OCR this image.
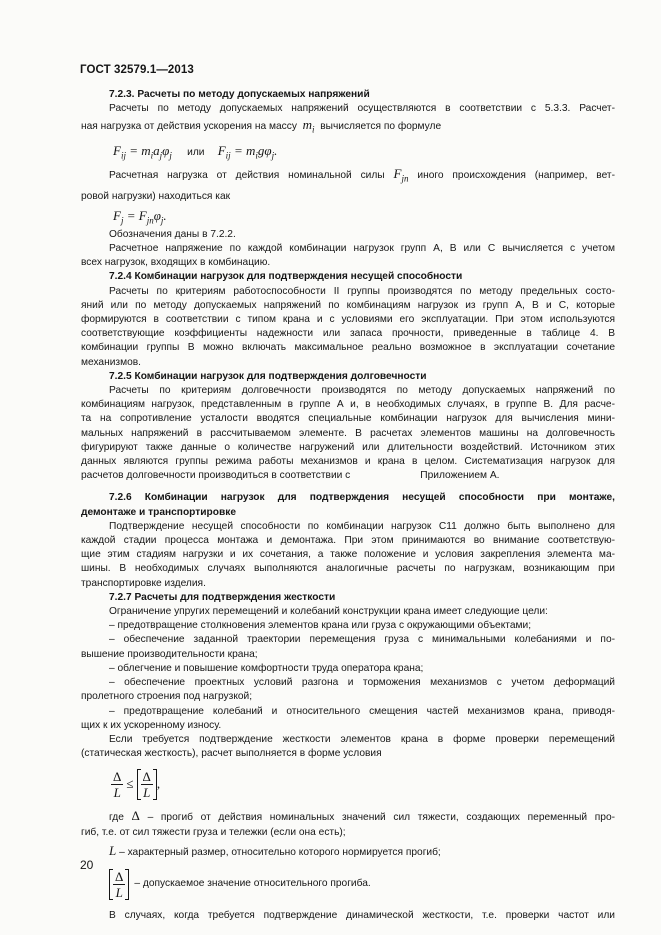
ГОСТ 32579.1—2013

7.2.3. Расчеты по методу допускаемых напряжений

Расчеты по методу допускаемых напряжений осуществляются в соответствии с 5.3.3. Расчет-

ная нагрузка от действия ускорения на массу $m_i$ вычисляется по формуле

$F_{ij} = m_ia_j\varphi_j$ или $F_{ij} = m_ig\varphi_j$.

Расчетная нагрузка от действия номинальной силы $F_{jn}$ иного происхождения (например, вет-

ровой нагрузки) находиться как

$F_j = F_{jn}\varphi_j$.

Обозначения даны в 7.2.2.

Расчетное напряжение по каждой комбинации нагрузок групп А, В или С вычисляется с учетом

всех нагрузок, входящих в комбинацию.

7.2.4 Комбинации нагрузок для подтверждения несущей способности

Расчеты по критериям работоспособности II группы производятся по методу предельных состо-

яний или по методу допускаемых напряжений по комбинациям нагрузок из групп А, В и С, которые

формируются в соответствии с типом крана и с условиями его эксплуатации. При этом используются

соответствующие коэффициенты надежности или запаса прочности, приведенные в таблице 4. В

комбинации группы В можно включать максимальное реально возможное в эксплуатации сочетание

механизмов.

7.2.5 Комбинации нагрузок для подтверждения долговечности

Расчеты по критериям долговечности производятся по методу допускаемых напряжений по

комбинациям нагрузок, представленным в группе А и, в необходимых случаях, в группе В. Для расче-

та на сопротивление усталости вводятся специальные комбинации нагрузок для вычисления мини-

мальных напряжений в рассчитываемом элементе. В расчетах элементов машины на долговечность

фигурируют также данные о количестве нагружений или длительности воздействий. Источником этих

данных являются группы режима работы механизмов и крана в целом. Систематизация нагрузок для

расчетов долговечности производиться в соответствии с	Приложением А.

7.2.6 Комбинации нагрузок для подтверждения несущей способности при монтаже,

демонтаже и транспортировке

Подтверждение несущей способности по комбинации нагрузок С11 должно быть выполнено для

каждой стадии процесса монтажа и демонтажа. При этом принимаются во внимание соответствую-

щие этим стадиям нагрузки и их сочетания, а также положение и условия закрепления элемента ма-

шины. В необходимых случаях выполняются аналогичные расчеты по нагрузкам, возникающим при

транспортировке изделия.

7.2.7 Расчеты для подтверждения жесткости

Ограничение упругих перемещений и колебаний конструкции крана имеет следующие цели:

– предотвращение столкновения элементов крана или груза с окружающими объектами;

– обеспечение заданной траектории перемещения груза с минимальными колебаниями и по-

вышение производительности крана;

– облегчение и повышение комфортности труда оператора крана;

– обеспечение проектных условий разгона и торможения механизмов с учетом деформаций

пролетного строения под нагрузкой;

– предотвращение колебаний и относительного смещения частей механизмов крана, приводя-

щих к их ускоренному износу.

Если требуется подтверждение жесткости элементов крана в форме проверки перемещений

(статическая жесткость), расчет выполняется в форме условия

$\frac{\Delta}{L} \le \frac{\Delta}{L}$ ,

где Δ – прогиб от действия номинальных значений сил тяжести, создающих переменный про-

гиб, т.е. от сил тяжести груза и тележки (если она есть);

L – характерный размер, относительно которого нормируется прогиб;

$\frac{\Delta}{L}$ – допускаемое значение относительного прогиба.

В случаях, когда требуется подтверждение динамической жесткости, т.е. проверки частот или

20
